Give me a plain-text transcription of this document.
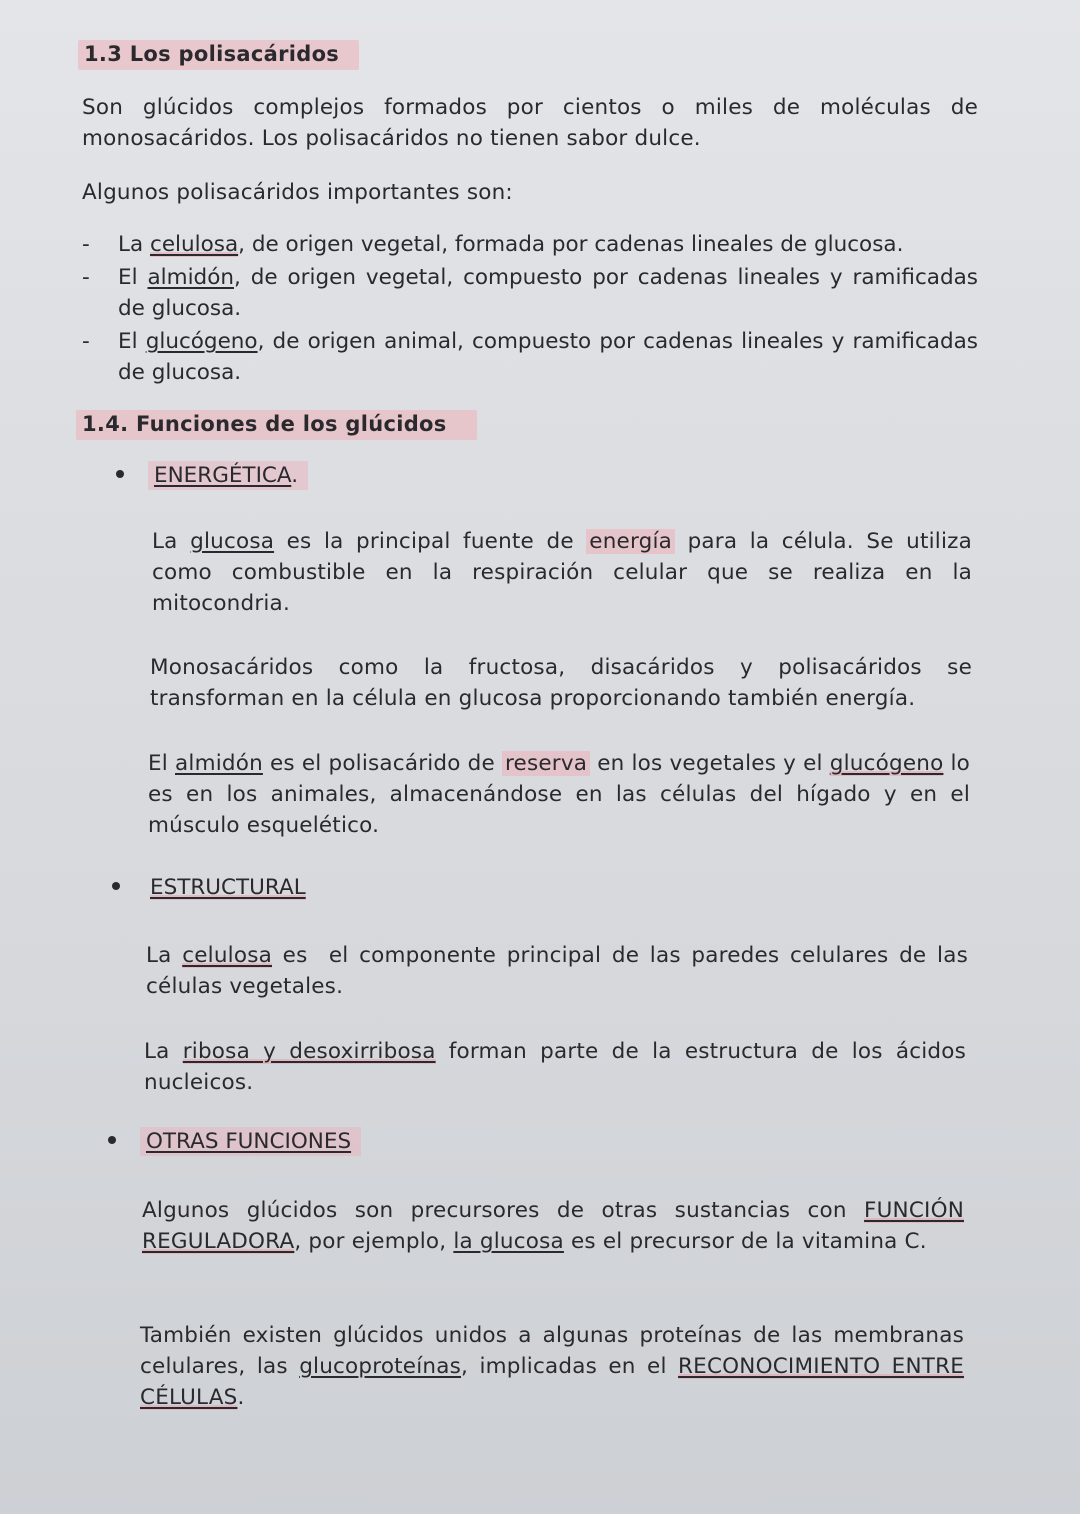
1.3 Los polisacáridos
Son glúcidos complejos formados por cientos o miles de moléculas de monosacáridos. Los polisacáridos no tienen sabor dulce.
Algunos polisacáridos importantes son:
-	La celulosa, de origen vegetal, formada por cadenas lineales de glucosa.
-	El almidón, de origen vegetal, compuesto por cadenas lineales y ramificadas de glucosa.
-	El glucógeno, de origen animal, compuesto por cadenas lineales y ramificadas de glucosa.
1.4. Funciones de los glúcidos
ENERGÉTICA.
La glucosa es la principal fuente de energía para la célula. Se utiliza como combustible en la respiración celular que se realiza en la mitocondria.
Monosacáridos como la fructosa, disacáridos y polisacáridos se transforman en la célula en glucosa proporcionando también energía.
El almidón es el polisacárido de reserva en los vegetales y el glucógeno lo es en los animales, almacenándose en las células del hígado y en el músculo esquelético.
ESTRUCTURAL
La celulosa es  el componente principal de las paredes celulares de las células vegetales.
La ribosa y desoxirribosa forman parte de la estructura de los ácidos nucleicos.
OTRAS FUNCIONES
Algunos glúcidos son precursores de otras sustancias con FUNCIÓN REGULADORA, por ejemplo, la glucosa es el precursor de la vitamina C.
También existen glúcidos unidos a algunas proteínas de las membranas celulares, las glucoproteínas, implicadas en el RECONOCIMIENTO ENTRE CÉLULAS.
